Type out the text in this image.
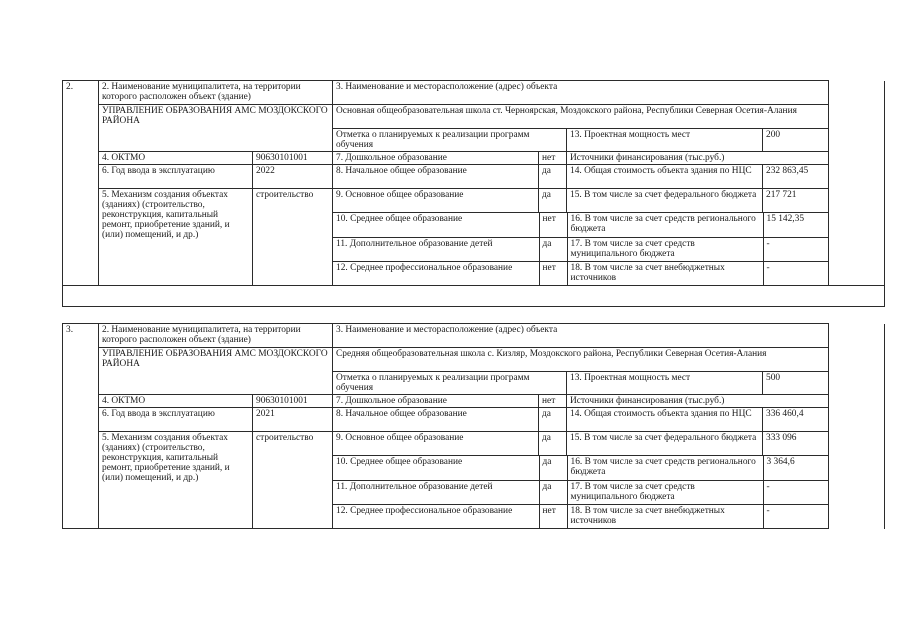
2.	2. Наименование муниципалитета, на территории которого расположен объект (здание)	3. Наименование и месторасположение (адрес) объекта	
УПРАВЛЕНИЕ ОБРАЗОВАНИЯ АМС МОЗДОКСКОГО РАЙОНА	Основная общеобразовательная школа ст. Черноярская, Моздокского района, Республики Северная Осетия-Алания
Отметка о планируемых к реализации программ обучения	13. Проектная мощность мест	200
4. ОКТМО	90630101001	7. Дошкольное образование	нет	Источники финансирования (тыс.руб.)
6. Год ввода в эксплуатацию	2022	8. Начальное общее образование	да	14. Общая стоимость объекта здания по НЦС	232 863,45
5. Механизм создания объектах (зданиях) (строительство, реконструкция, капитальный ремонт, приобретение зданий, и (или) помещений, и др.)	строительство	9. Основное общее образование	да	15. В том числе за счет федерального бюджета	217 721

10. Среднее общее образование	нет	16. В том числе за счет средств регионального бюджета	15 142,35
11. Дополнительное образование детей	да	17. В том числе за счет средств муниципального бюджета	-
12. Среднее профессиональное образование	нет	18. В том числе за счет внебюджетных источников	-

3.	2. Наименование муниципалитета, на территории которого расположен объект (здание)	3. Наименование и месторасположение (адрес) объекта	
УПРАВЛЕНИЕ ОБРАЗОВАНИЯ АМС МОЗДОКСКОГО РАЙОНА	Средняя общеобразовательная школа с. Кизляр, Моздокского района, Республики Северная Осетия-Алания
Отметка о планируемых к реализации программ обучения	13. Проектная мощность мест	500
4. ОКТМО	90630101001	7. Дошкольное образование	нет	Источники финансирования (тыс.руб.)
6. Год ввода в эксплуатацию	2021	8. Начальное общее образование	да	14. Общая стоимость объекта здания по НЦС	336 460,4
5. Механизм создания объектах (зданиях) (строительство, реконструкция, капитальный ремонт, приобретение зданий, и (или) помещений, и др.)	строительство	9. Основное общее образование	да	15. В том числе за счет федерального бюджета	333 096

10. Среднее общее образование	да	16. В том числе за счет средств регионального бюджета	3 364,6
11. Дополнительное образование детей	да	17. В том числе за счет средств муниципального бюджета	-
12. Среднее профессиональное образование	нет	18. В том числе за счет внебюджетных источников	-
